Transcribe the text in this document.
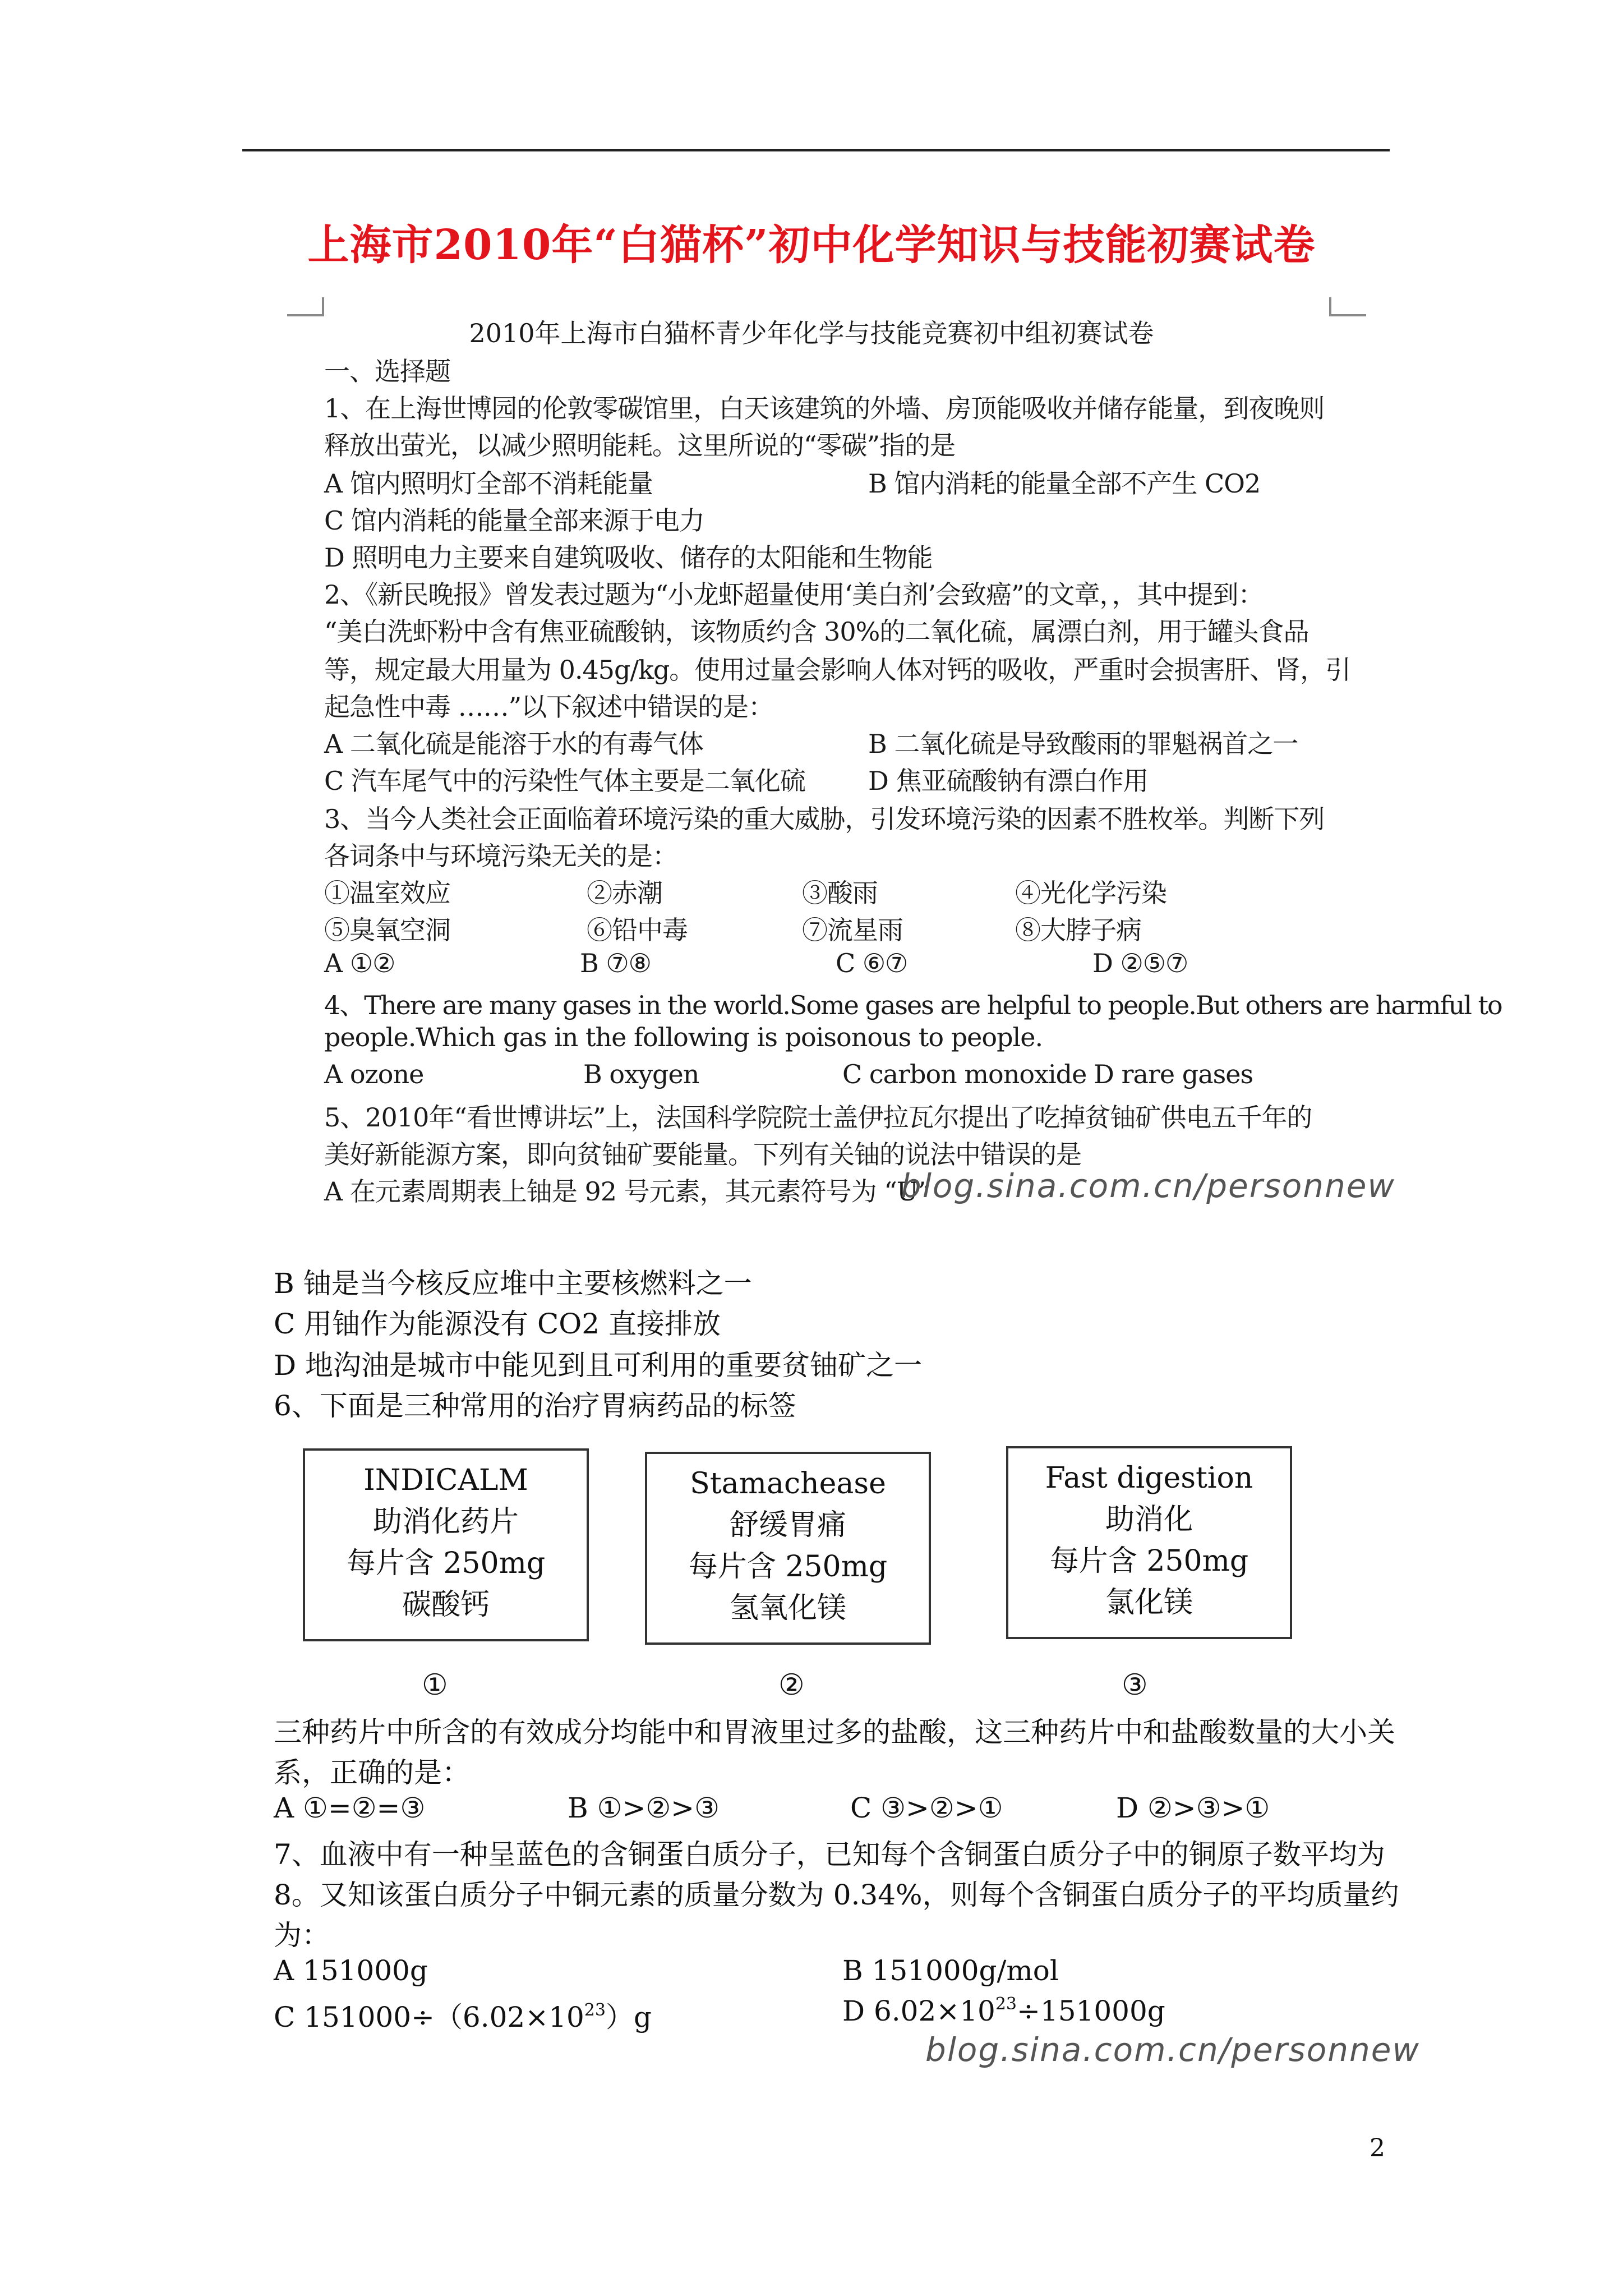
上海市2010年“白猫杯”初中化学知识与技能初赛试卷
2010年上海市白猫杯青少年化学与技能竞赛初中组初赛试卷
一、选择题
1、在上海世博园的伦敦零碳馆里，白天该建筑的外墙、房顶能吸收并储存能量，到夜晚则
释放出萤光，以减少照明能耗。这里所说的“零碳”指的是
A 馆内照明灯全部不消耗能量	B 馆内消耗的能量全部不产生 CO2
C 馆内消耗的能量全部来源于电力
D 照明电力主要来自建筑吸收、储存的太阳能和生物能
2、《新民晚报》曾发表过题为“小龙虾超量使用‘美白剂’会致癌”的文章，，其中提到：
“美白洗虾粉中含有焦亚硫酸钠，该物质约含 30%的二氧化硫，属漂白剂，用于罐头食品
等，规定最大用量为 0.45g/kg。使用过量会影响人体对钙的吸收，严重时会损害肝、肾，引
起急性中毒 ……”以下叙述中错误的是：
A 二氧化硫是能溶于水的有毒气体	B 二氧化硫是导致酸雨的罪魁祸首之一
C 汽车尾气中的污染性气体主要是二氧化硫 D 焦亚硫酸钠有漂白作用
3、当今人类社会正面临着环境污染的重大威胁，引发环境污染的因素不胜枚举。判断下列
各词条中与环境污染无关的是：
①温室效应	②赤潮	③酸雨	④光化学污染
⑤臭氧空洞	⑥铅中毒	⑦流星雨	⑧大脖子病
A ①②	B ⑦⑧	C ⑥⑦	D ②⑤⑦
4、There are many gases in the world.Some gases are helpful to people.But others are harmful to
people.Which gas in the following is poisonous to people.
A ozone	B oxygen	C carbon monoxide D rare gases
5、2010年“看世博讲坛”上，法国科学院院士盖伊拉瓦尔提出了吃掉贫铀矿供电五千年的
美好新能源方案，即向贫铀矿要能量。下列有关铀的说法中错误的是
A 在元素周期表上铀是 92 号元素，其元素符号为 “U”
blog.sina.com.cn/personnew
B 铀是当今核反应堆中主要核燃料之一
C 用铀作为能源没有 CO2 直接排放
D 地沟油是城市中能见到且可利用的重要贫铀矿之一
6、下面是三种常用的治疗胃病药品的标签
INDICALM
助消化药片
每片含 250mg
碳酸钙
Stamachease
舒缓胃痛
每片含 250mg
氢氧化镁
Fast digestion
助消化
每片含 250mg
氯化镁
①	②	③
三种药片中所含的有效成分均能中和胃液里过多的盐酸，这三种药片中和盐酸数量的大小关
系，正确的是：
A ①=②=③	B ①>②>③	C ③>②>①	D ②>③>①
7、血液中有一种呈蓝色的含铜蛋白质分子，已知每个含铜蛋白质分子中的铜原子数平均为
8。又知该蛋白质分子中铜元素的质量分数为 0.34%，则每个含铜蛋白质分子的平均质量约
为：
A 151000g	B 151000g/mol
C $151000\div(6.02\times 10^{23})g$	D $6.02\times 10^{23}\div 151000g$
blog.sina.com.cn/personnew
2
